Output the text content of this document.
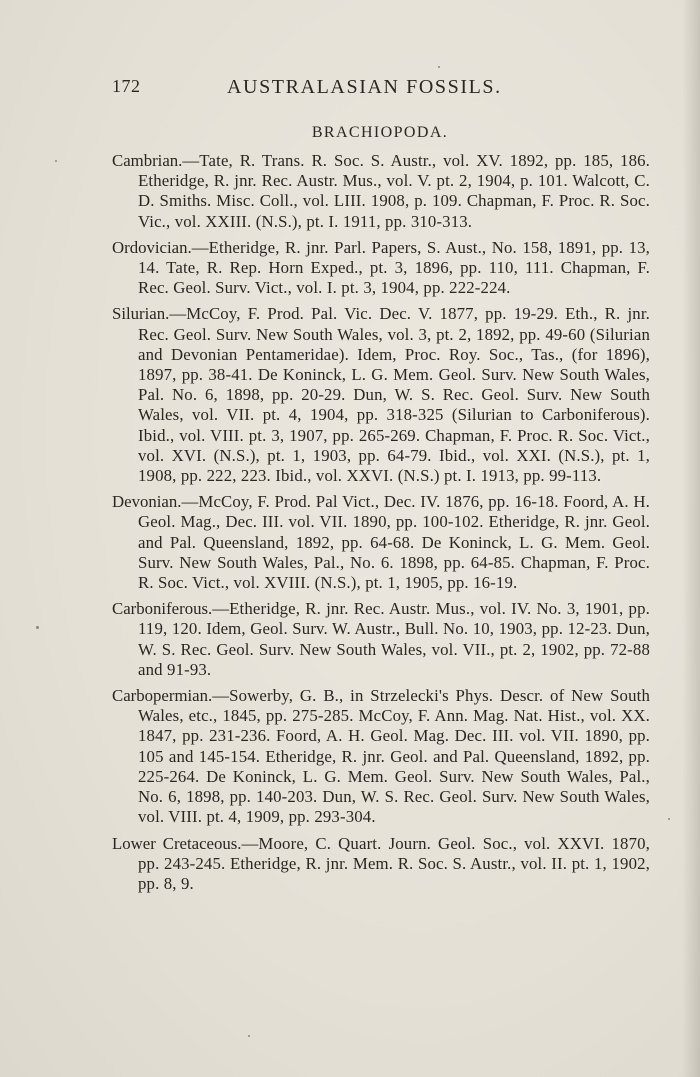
172	AUSTRALASIAN FOSSILS.
BRACHIOPODA.

Cambrian.—Tate, R. Trans. R. Soc. S. Austr., vol. XV. 1892, pp. 185, 186. Etheridge, R. jnr. Rec. Austr. Mus., vol. V. pt. 2, 1904, p. 101. Walcott, C. D. Smiths. Misc. Coll., vol. LIII. 1908, p. 109. Chapman, F. Proc. R. Soc. Vic., vol. XXIII. (N.S.), pt. I. 1911, pp. 310-313.

Ordovician.—Etheridge, R. jnr. Parl. Papers, S. Aust., No. 158, 1891, pp. 13, 14. Tate, R. Rep. Horn Exped., pt. 3, 1896, pp. 110, 111. Chapman, F. Rec. Geol. Surv. Vict., vol. I. pt. 3, 1904, pp. 222-224.

Silurian.—McCoy, F. Prod. Pal. Vic. Dec. V. 1877, pp. 19-29. Eth., R. jnr. Rec. Geol. Surv. New South Wales, vol. 3, pt. 2, 1892, pp. 49-60 (Silurian and Devonian Pentameridae). Idem, Proc. Roy. Soc., Tas., (for 1896), 1897, pp. 38-41. De Koninck, L. G. Mem. Geol. Surv. New South Wales, Pal. No. 6, 1898, pp. 20-29. Dun, W. S. Rec. Geol. Surv. New South Wales, vol. VII. pt. 4, 1904, pp. 318-325 (Silurian to Carboniferous). Ibid., vol. VIII. pt. 3, 1907, pp. 265-269. Chapman, F. Proc. R. Soc. Vict., vol. XVI. (N.S.), pt. 1, 1903, pp. 64-79. Ibid., vol. XXI. (N.S.), pt. 1, 1908, pp. 222, 223. Ibid., vol. XXVI. (N.S.) pt. I. 1913, pp. 99-113.

Devonian.—McCoy, F. Prod. Pal Vict., Dec. IV. 1876, pp. 16-18. Foord, A. H. Geol. Mag., Dec. III. vol. VII. 1890, pp. 100-102. Etheridge, R. jnr. Geol. and Pal. Queensland, 1892, pp. 64-68. De Koninck, L. G. Mem. Geol. Surv. New South Wales, Pal., No. 6. 1898, pp. 64-85. Chapman, F. Proc. R. Soc. Vict., vol. XVIII. (N.S.), pt. 1, 1905, pp. 16-19.

Carboniferous.—Etheridge, R. jnr. Rec. Austr. Mus., vol. IV. No. 3, 1901, pp. 119, 120. Idem, Geol. Surv. W. Austr., Bull. No. 10, 1903, pp. 12-23. Dun, W. S. Rec. Geol. Surv. New South Wales, vol. VII., pt. 2, 1902, pp. 72-88 and 91-93.

Carbopermian.—Sowerby, G. B., in Strzelecki's Phys. Descr. of New South Wales, etc., 1845, pp. 275-285. McCoy, F. Ann. Mag. Nat. Hist., vol. XX. 1847, pp. 231-236. Foord, A. H. Geol. Mag. Dec. III. vol. VII. 1890, pp. 105 and 145-154. Etheridge, R. jnr. Geol. and Pal. Queensland, 1892, pp. 225-264. De Koninck, L. G. Mem. Geol. Surv. New South Wales, Pal., No. 6, 1898, pp. 140-203. Dun, W. S. Rec. Geol. Surv. New South Wales, vol. VIII. pt. 4, 1909, pp. 293-304.

Lower Cretaceous.—Moore, C. Quart. Journ. Geol. Soc., vol. XXVI. 1870, pp. 243-245. Etheridge, R. jnr. Mem. R. Soc. S. Austr., vol. II. pt. 1, 1902, pp. 8, 9.
